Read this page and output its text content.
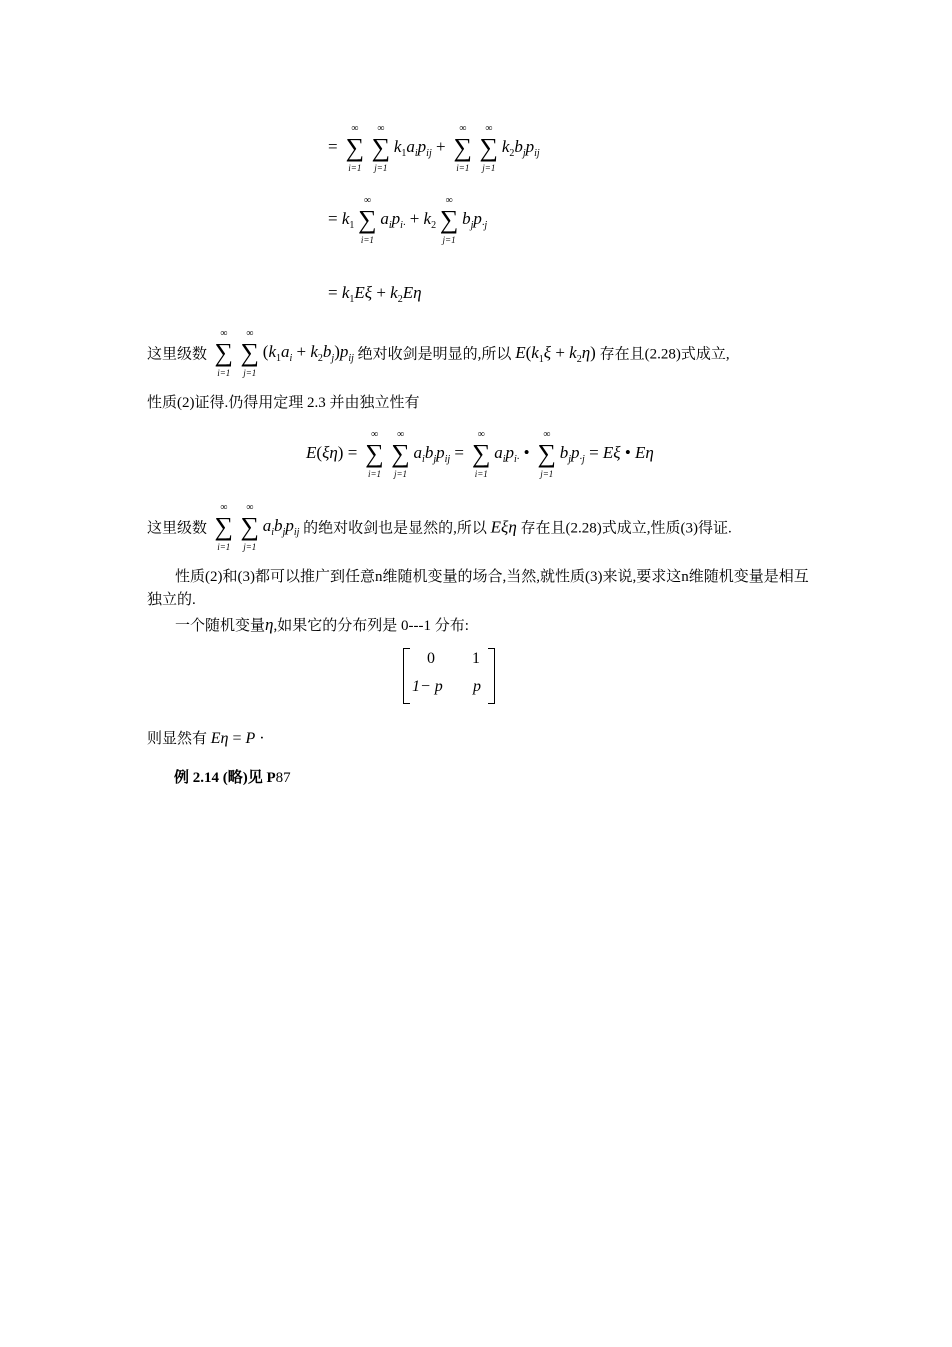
=
∞
∑
i=1
∞
∑
j=1
$k_1a_ip_{ij}$ +
∞
∑
i=1
∞
∑
j=1
$k_2b_jp_{ij}$
= $k_1$
∞
∑
i=1
$a_ip_{i\cdot} + k_2$
∞
∑
j=1
$b_jp_{\cdot j}$
= $k_1E\xi + k_2E\eta$
这里级数
∞
∑
i=1
∞
∑
j=1
$(k_1a_i + k_2b_j)p_{ij}$ 绝对收剑是明显的,所以 $E(k_1\xi + k_2\eta)$ 存在且(2.28)式成立,
性质(2)证得.仍得用定理 2.3 并由独立性有
E(ξη) =
∞
∑
i=1
∞
∑
j=1
$a_ib_jp_{ij}$ =
∞
∑
i=1
$a_ip_{i\cdot}$ •
∞
∑
j=1
$b_jp_{\cdot j} = E\xi$ • Eη
这里级数
∞
∑
i=1
∞
∑
j=1
$a_ib_jp_{ij}$ 的绝对收剑也是显然的,所以 Eξη 存在且(2.28)式成立,性质(3)得证.
性质(2)和(3)都可以推广到任意n维随机变量的场合,当然,就性质(3)来说,要求这n维随机变量是相互独立的.
一个随机变量η,如果它的分布列是 0---1 分布:
0 1
1− p p
则显然有 Eη = P ·
例 2.14 (略)见 P87
